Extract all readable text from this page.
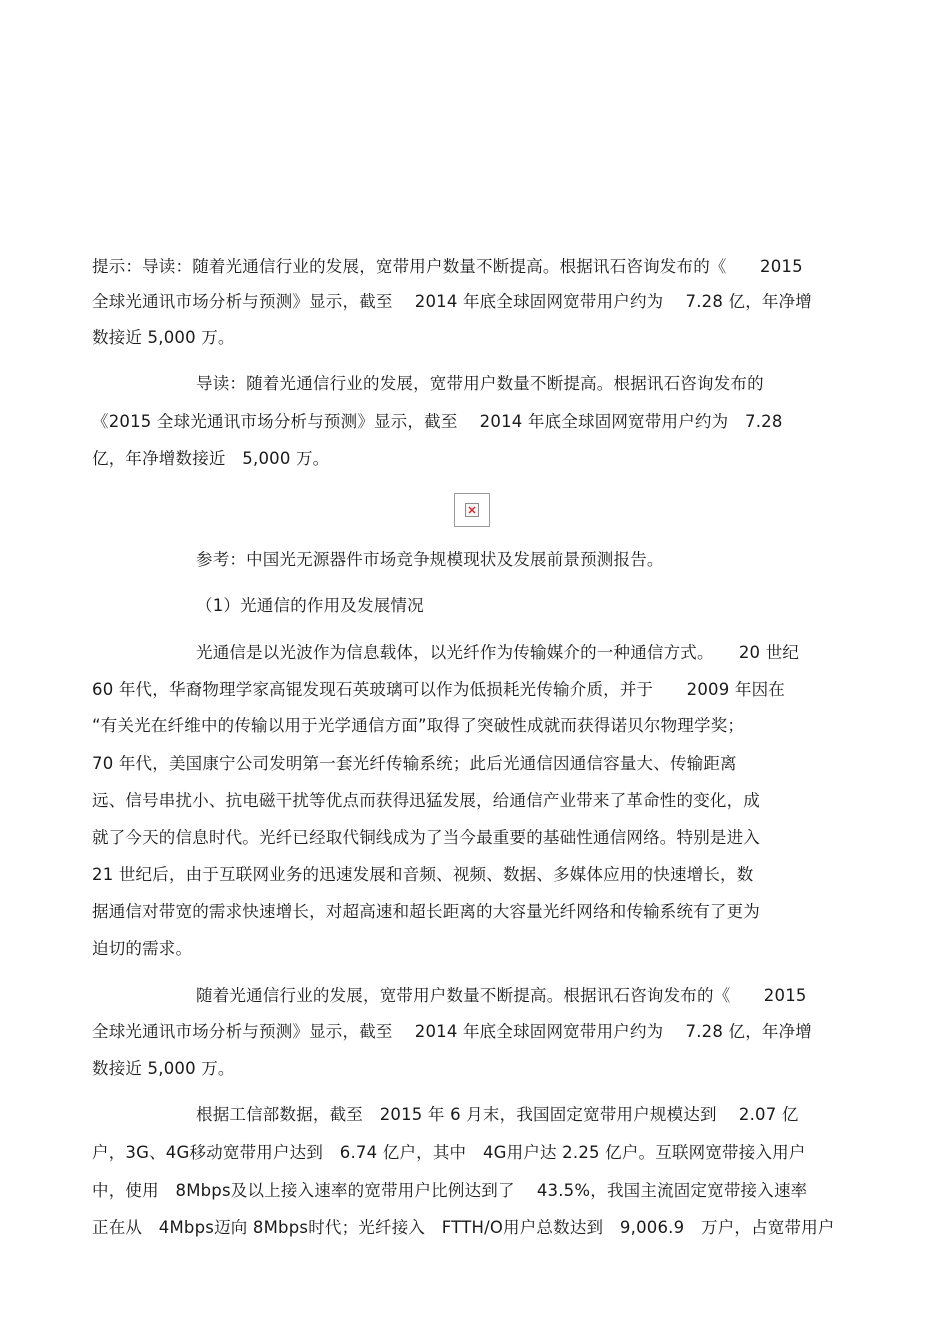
提示：导读：随着光通信行业的发展，宽带用户数量不断提高。根据讯石咨询发布的《　　2015
全球光通讯市场分析与预测》显示，截至　 2014 年底全球固网宽带用户约为　 7.28 亿，年净增
数接近 5,000 万。
导读：随着光通信行业的发展，宽带用户数量不断提高。根据讯石咨询发布的
《2015 全球光通讯市场分析与预测》显示，截至　 2014 年底全球固网宽带用户约为　7.28
亿，年净增数接近　5,000 万。
参考：中国光无源器件市场竞争规模现状及发展前景预测报告。
（1）光通信的作用及发展情况
光通信是以光波作为信息载体，以光纤作为传输媒介的一种通信方式。　　20 世纪
60 年代，华裔物理学家高锟发现石英玻璃可以作为低损耗光传输介质，并于　　2009 年因在
“有关光在纤维中的传输以用于光学通信方面”取得了突破性成就而获得诺贝尔物理学奖；
70 年代，美国康宁公司发明第一套光纤传输系统；此后光通信因通信容量大、传输距离
远、信号串扰小、抗电磁干扰等优点而获得迅猛发展，给通信产业带来了革命性的变化，成
就了今天的信息时代。光纤已经取代铜线成为了当今最重要的基础性通信网络。特别是进入
21 世纪后，由于互联网业务的迅速发展和音频、视频、数据、多媒体应用的快速增长，数
据通信对带宽的需求快速增长，对超高速和超长距离的大容量光纤网络和传输系统有了更为
迫切的需求。
随着光通信行业的发展，宽带用户数量不断提高。根据讯石咨询发布的《　　2015
全球光通讯市场分析与预测》显示，截至　 2014 年底全球固网宽带用户约为　 7.28 亿，年净增
数接近 5,000 万。
根据工信部数据，截至　2015 年 6 月末，我国固定宽带用户规模达到　 2.07 亿
户，3G、4G移动宽带用户达到　6.74 亿户，其中　4G用户达 2.25 亿户。互联网宽带接入用户
中，使用　8Mbps及以上接入速率的宽带用户比例达到了　 43.5%，我国主流固定宽带接入速率
正在从　4Mbps迈向 8Mbps时代；光纤接入　FTTH/O用户总数达到　9,006.9　万户，占宽带用户
